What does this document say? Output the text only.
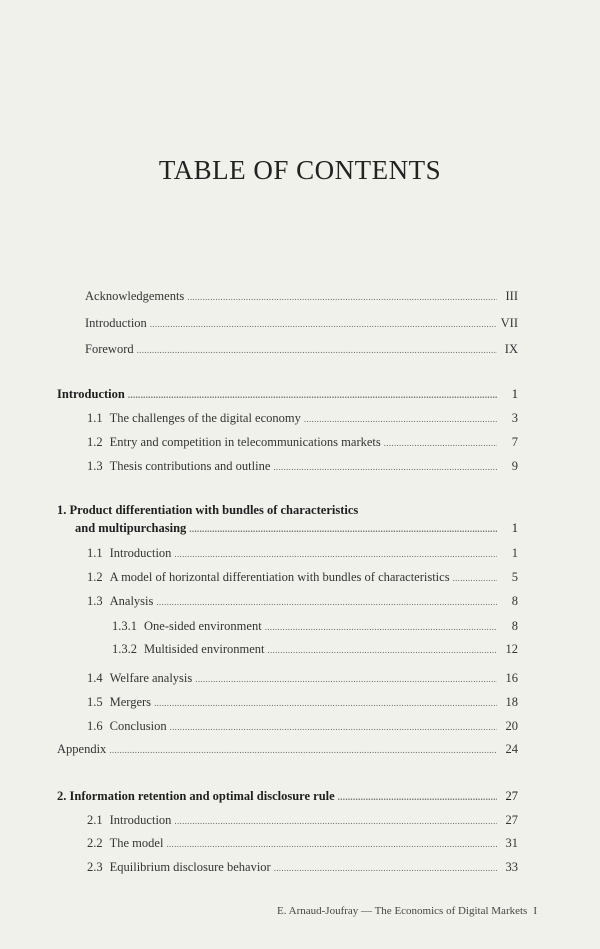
TABLE OF CONTENTS
Acknowledgements .....	III
Introduction .....	VII
Foreword .....	IX
Introduction .....	1
1.1 The challenges of the digital economy .....	3
1.2 Entry and competition in telecommunications markets .....	7
1.3 Thesis contributions and outline .....	9
1. Product differentiation with bundles of characteristics
and multipurchasing .....	1
1.1 Introduction .....	1
1.2 A model of horizontal differentiation with bundles of characteristics .....	5
1.3 Analysis .....	8
1.3.1 One-sided environment .....	8
1.3.2 Multisided environment .....	12
1.4 Welfare analysis .....	16
1.5 Mergers .....	18
1.6 Conclusion .....	20
Appendix .....	24
2. Information retention and optimal disclosure rule .....	27
2.1 Introduction .....	27
2.2 The model .....	31
2.3 Equilibrium disclosure behavior .....	33
E. Arnaud-Joufray — The Economics of Digital Markets I
